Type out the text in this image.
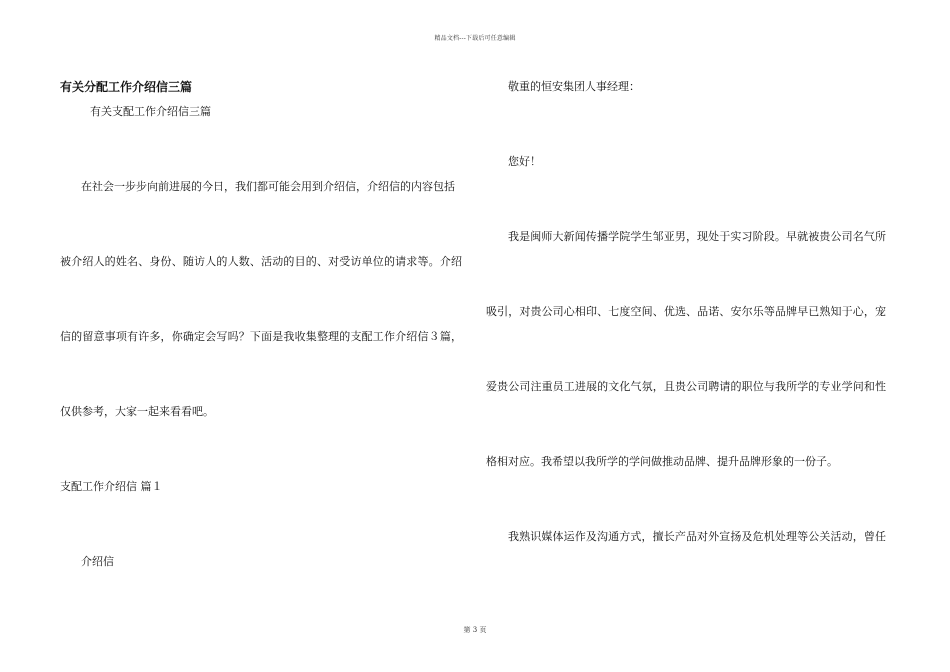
精品文档---下载后可任意编辑
有关分配工作介绍信三篇
有关支配工作介绍信三篇
在社会一步步向前进展的今日，我们都可能会用到介绍信，介绍信的内容包括
被介绍人的姓名、身份、随访人的人数、活动的目的、对受访单位的请求等。介绍
信的留意事项有许多，你确定会写吗？下面是我收集整理的支配工作介绍信３篇，
仅供参考，大家一起来看看吧。
支配工作介绍信 篇１
介绍信
敬重的恒安集团人事经理：
您好！
我是闽师大新闻传播学院学生邹亚男，现处于实习阶段。早就被贵公司名气所
吸引，对贵公司心相印、七度空间、优选、品诺、安尔乐等品牌早已熟知于心，宠
爱贵公司注重员工进展的文化气氛，且贵公司聘请的职位与我所学的专业学问和性
格相对应。我希望以我所学的学问做推动品牌、提升品牌形象的一份子。
我熟识媒体运作及沟通方式，擅长产品对外宣扬及危机处理等公关活动，曾任
第 3 页
